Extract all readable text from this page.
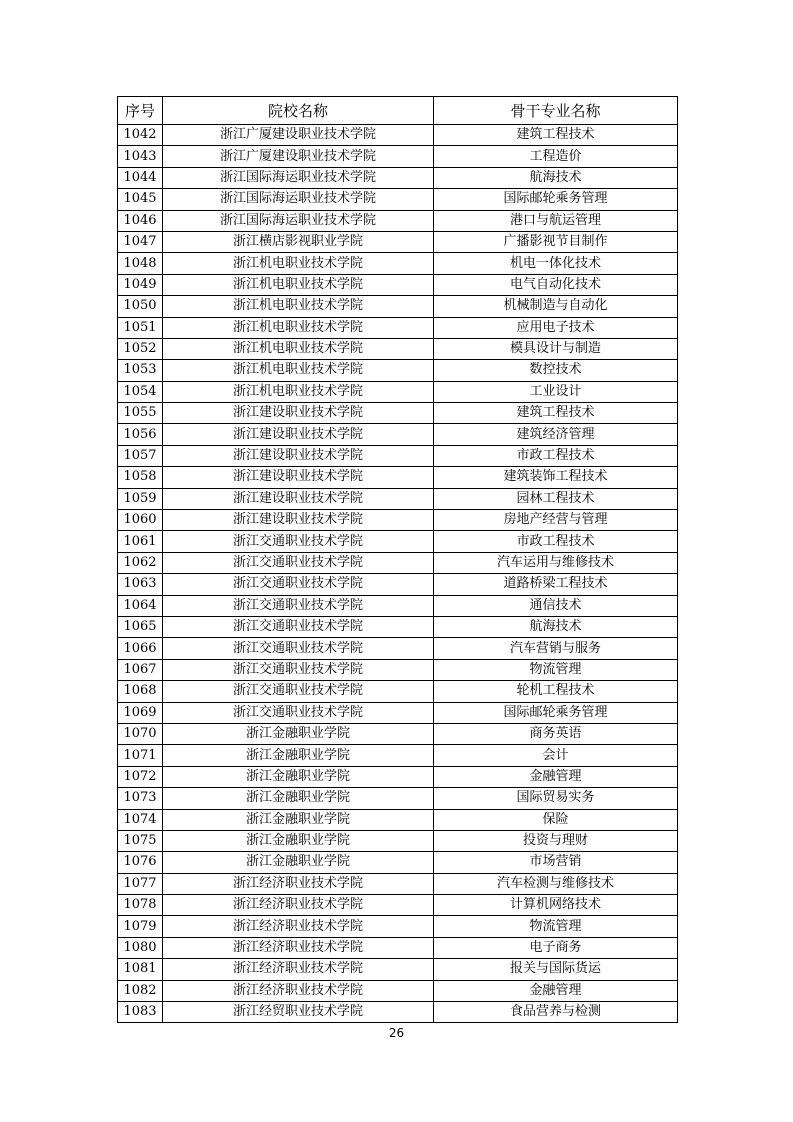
序号	院校名称	骨干专业名称
1042	浙江广厦建设职业技术学院	建筑工程技术
1043	浙江广厦建设职业技术学院	工程造价
1044	浙江国际海运职业技术学院	航海技术
1045	浙江国际海运职业技术学院	国际邮轮乘务管理
1046	浙江国际海运职业技术学院	港口与航运管理
1047	浙江横店影视职业学院	广播影视节目制作
1048	浙江机电职业技术学院	机电一体化技术
1049	浙江机电职业技术学院	电气自动化技术
1050	浙江机电职业技术学院	机械制造与自动化
1051	浙江机电职业技术学院	应用电子技术
1052	浙江机电职业技术学院	模具设计与制造
1053	浙江机电职业技术学院	数控技术
1054	浙江机电职业技术学院	工业设计
1055	浙江建设职业技术学院	建筑工程技术
1056	浙江建设职业技术学院	建筑经济管理
1057	浙江建设职业技术学院	市政工程技术
1058	浙江建设职业技术学院	建筑装饰工程技术
1059	浙江建设职业技术学院	园林工程技术
1060	浙江建设职业技术学院	房地产经营与管理
1061	浙江交通职业技术学院	市政工程技术
1062	浙江交通职业技术学院	汽车运用与维修技术
1063	浙江交通职业技术学院	道路桥梁工程技术
1064	浙江交通职业技术学院	通信技术
1065	浙江交通职业技术学院	航海技术
1066	浙江交通职业技术学院	汽车营销与服务
1067	浙江交通职业技术学院	物流管理
1068	浙江交通职业技术学院	轮机工程技术
1069	浙江交通职业技术学院	国际邮轮乘务管理
1070	浙江金融职业学院	商务英语
1071	浙江金融职业学院	会计
1072	浙江金融职业学院	金融管理
1073	浙江金融职业学院	国际贸易实务
1074	浙江金融职业学院	保险
1075	浙江金融职业学院	投资与理财
1076	浙江金融职业学院	市场营销
1077	浙江经济职业技术学院	汽车检测与维修技术
1078	浙江经济职业技术学院	计算机网络技术
1079	浙江经济职业技术学院	物流管理
1080	浙江经济职业技术学院	电子商务
1081	浙江经济职业技术学院	报关与国际货运
1082	浙江经济职业技术学院	金融管理
1083	浙江经贸职业技术学院	食品营养与检测
26
